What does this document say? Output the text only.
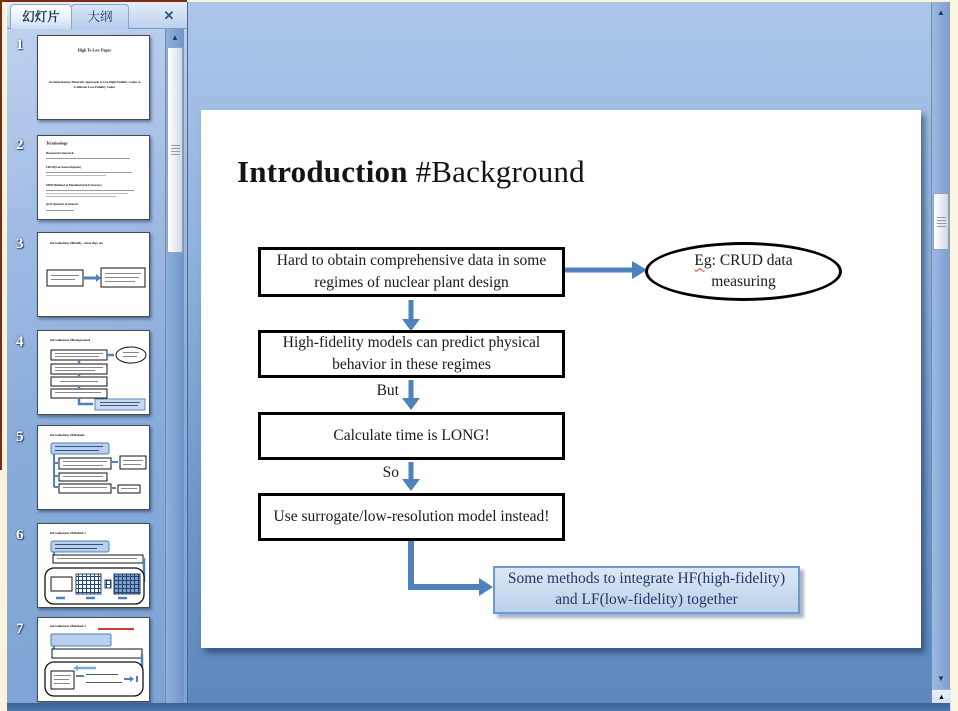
幻灯片	大纲	✕
1	High To Low Paper
An Information Theoretic Approach to Use High-Fidelity Codes to Calibrate Low-Fidelity Codes
2	Terminology
Bayesian Framework
CRUD(Corrosion Deposits)
MMU(Method of Manufactured Universes)
QOI Quantity of Interest
3	Introduction #Briefly, what they do
4	Introduction #Background
5	Introduction #Methods
6	Introduction #Method 1
7	Introduction #Method 2
▲
Introduction #Background
Hard to obtain comprehensive data in some regimes of nuclear plant design
Eg: CRUD data measuring
High-fidelity models can predict physical behavior in these regimes
But
Calculate time is LONG!
So
Use surrogate/low-resolution model instead!
Some methods to integrate HF(high-fidelity) and LF(low-fidelity) together
▲
▼
▲
